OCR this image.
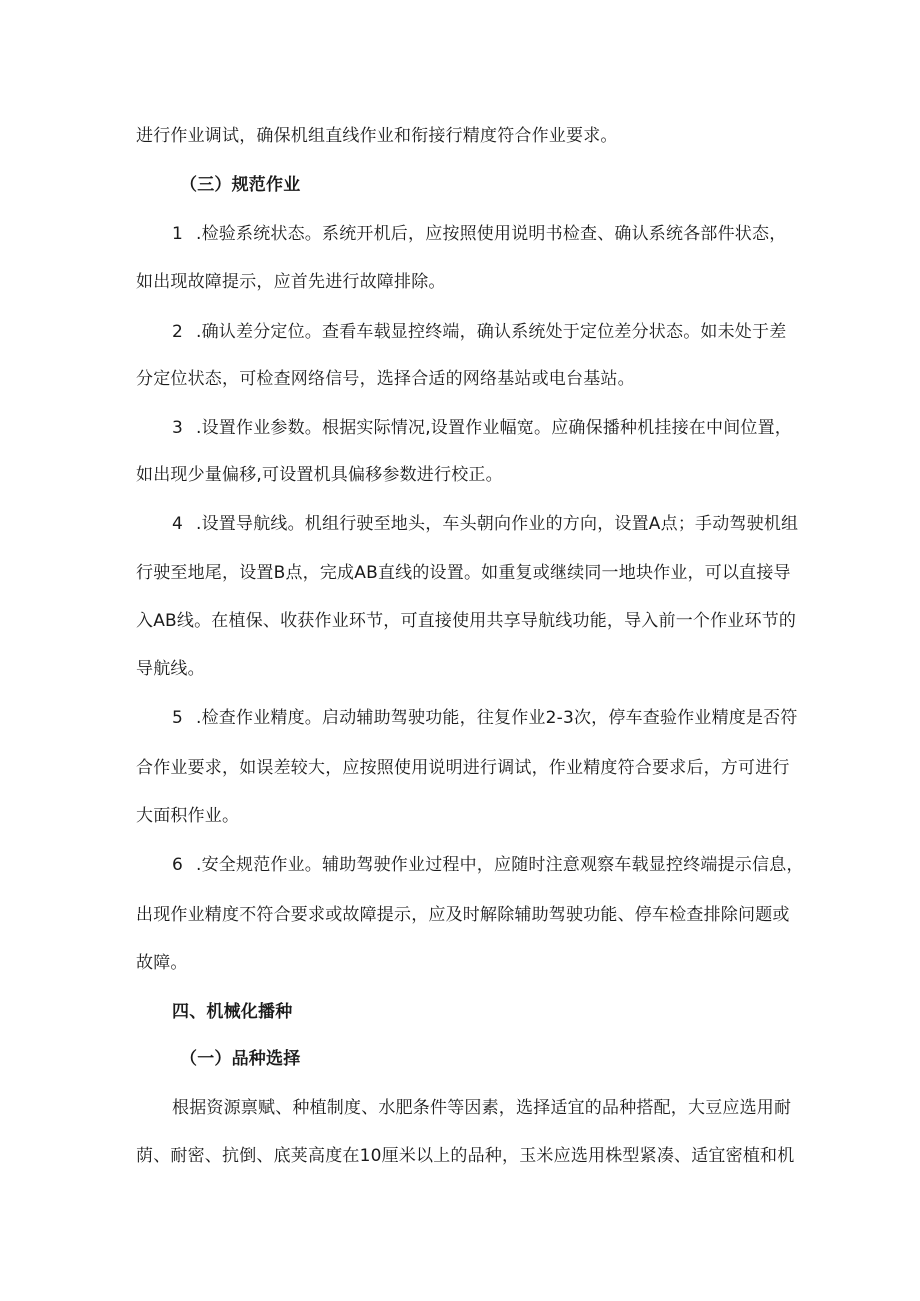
进行作业调试，确保机组直线作业和衔接行精度符合作业要求。
（三）规范作业
1 .检验系统状态。系统开机后，应按照使用说明书检查、确认系统各部件状态，
如出现故障提示，应首先进行故障排除。
2 .确认差分定位。查看车载显控终端，确认系统处于定位差分状态。如未处于差
分定位状态，可检查网络信号，选择合适的网络基站或电台基站。
3 .设置作业参数。根据实际情况,设置作业幅宽。应确保播种机挂接在中间位置，
如出现少量偏移,可设置机具偏移参数进行校正。
4 .设置导航线。机组行驶至地头，车头朝向作业的方向，设置A点；手动驾驶机组
行驶至地尾，设置B点，完成AB直线的设置。如重复或继续同一地块作业，可以直接导
入AB线。在植保、收获作业环节，可直接使用共享导航线功能，导入前一个作业环节的
导航线。
5 .检查作业精度。启动辅助驾驶功能，往复作业2-3次，停车查验作业精度是否符
合作业要求，如误差较大，应按照使用说明进行调试，作业精度符合要求后，方可进行
大面积作业。
6 .安全规范作业。辅助驾驶作业过程中，应随时注意观察车载显控终端提示信息，
出现作业精度不符合要求或故障提示，应及时解除辅助驾驶功能、停车检查排除问题或
故障。
四、机械化播种
（一）品种选择
根据资源禀赋、种植制度、水肥条件等因素，选择适宜的品种搭配，大豆应选用耐
荫、耐密、抗倒、底荚高度在10厘米以上的品种，玉米应选用株型紧凑、适宜密植和机
